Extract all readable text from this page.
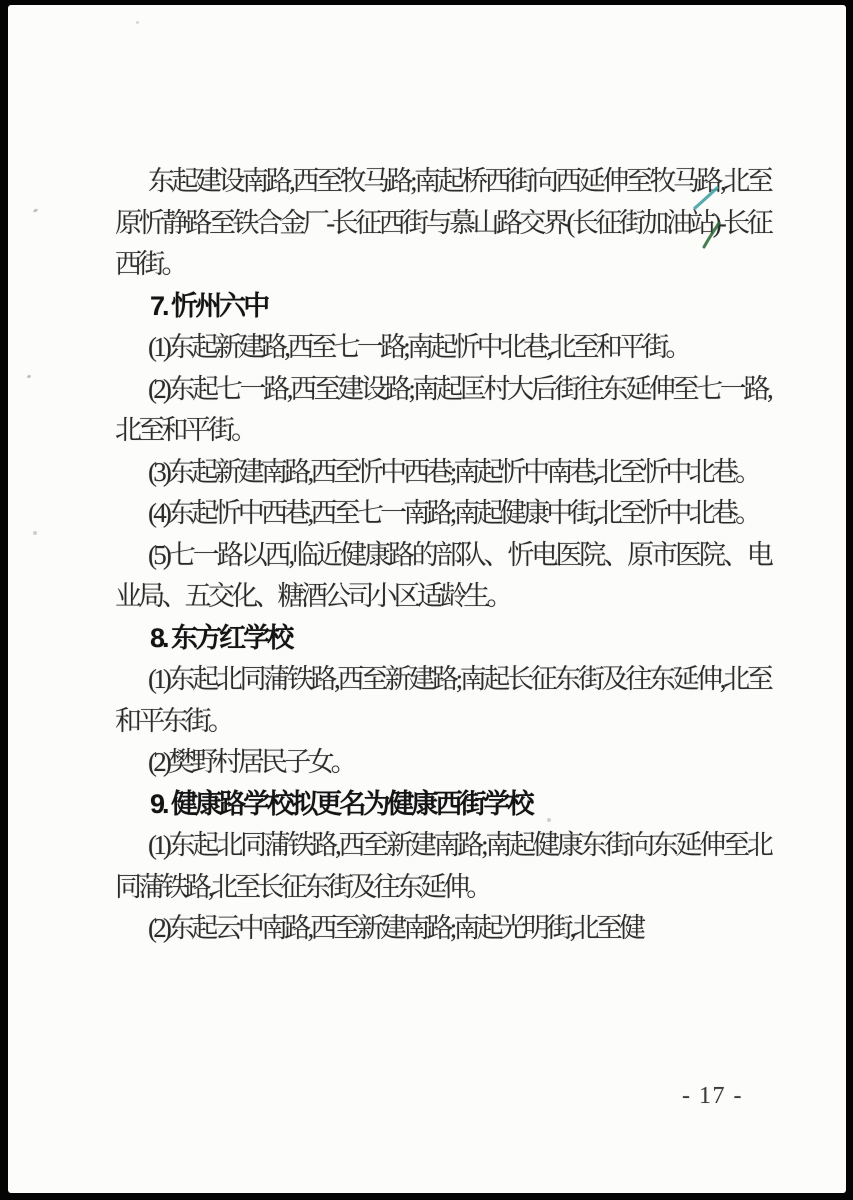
东起建设南路,西至牧马路;南起桥西街向西延伸至牧马路,北至原忻静路至铁合金厂-长征西街与慕山路交界(长征街加油站)-长征西街。

7. 忻州六中

(1)东起新建路,西至七一路;南起忻中北巷,北至和平街。

(2)东起七一路,西至建设路;南起匡村大后街往东延伸至七一路,北至和平街。

(3)东起新建南路,西至忻中西巷;南起忻中南巷,北至忻中北巷。

(4)东起忻中西巷,西至七一南路;南起健康中街,北至忻中北巷。

(5)七一路以西,临近健康路的部队、忻电医院、原市医院、电业局、五交化、糖酒公司小区适龄生。

8. 东方红学校

(1)东起北同蒲铁路,西至新建路;南起长征东街及往东延伸,北至和平东街。

(2)樊野村居民子女。

9. 健康路学校拟更名为健康西街学校

(1)东起北同蒲铁路,西至新建南路;南起健康东街向东延伸至北同蒲铁路,北至长征东街及往东延伸。

(2)东起云中南路,西至新建南路;南起光明街,北至健

- 17 -
